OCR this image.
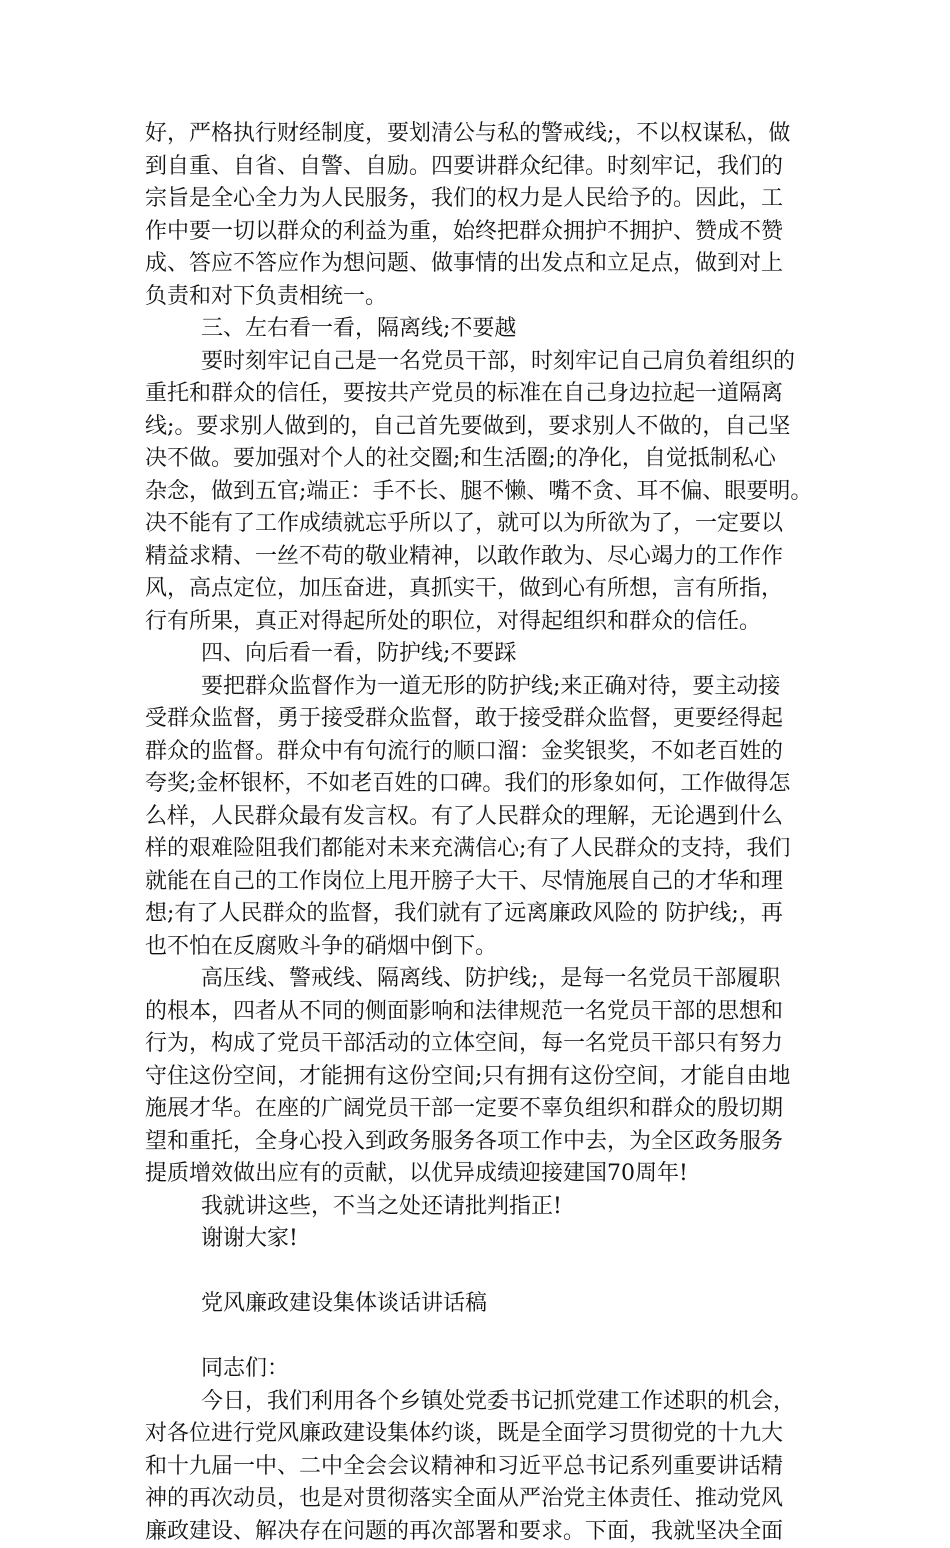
好，严格执行财经制度，要划清公与私的警戒线;，不以权谋私，做
到自重、自省、自警、自励。四要讲群众纪律。时刻牢记，我们的
宗旨是全心全力为人民服务，我们的权力是人民给予的。因此，工
作中要一切以群众的利益为重，始终把群众拥护不拥护、赞成不赞
成、答应不答应作为想问题、做事情的出发点和立足点，做到对上
负责和对下负责相统一。
三、左右看一看，隔离线;不要越
要时刻牢记自己是一名党员干部，时刻牢记自己肩负着组织的
重托和群众的信任，要按共产党员的标准在自己身边拉起一道隔离
线;。要求别人做到的，自己首先要做到，要求别人不做的，自己坚
决不做。要加强对个人的社交圈;和生活圈;的净化，自觉抵制私心
杂念，做到五官;端正：手不长、腿不懒、嘴不贪、耳不偏、眼要明。
决不能有了工作成绩就忘乎所以了，就可以为所欲为了，一定要以
精益求精、一丝不苟的敬业精神，以敢作敢为、尽心竭力的工作作
风，高点定位，加压奋进，真抓实干，做到心有所想，言有所指，
行有所果，真正对得起所处的职位，对得起组织和群众的信任。
四、向后看一看，防护线;不要踩
要把群众监督作为一道无形的防护线;来正确对待，要主动接
受群众监督，勇于接受群众监督，敢于接受群众监督，更要经得起
群众的监督。群众中有句流行的顺口溜：金奖银奖，不如老百姓的
夸奖;金杯银杯，不如老百姓的口碑。我们的形象如何，工作做得怎
么样，人民群众最有发言权。有了人民群众的理解，无论遇到什么
样的艰难险阻我们都能对未来充满信心;有了人民群众的支持，我们
就能在自己的工作岗位上甩开膀子大干、尽情施展自己的才华和理
想;有了人民群众的监督，我们就有了远离廉政风险的 防护线;，再
也不怕在反腐败斗争的硝烟中倒下。
高压线、警戒线、隔离线、防护线;，是每一名党员干部履职
的根本，四者从不同的侧面影响和法律规范一名党员干部的思想和
行为，构成了党员干部活动的立体空间，每一名党员干部只有努力
守住这份空间，才能拥有这份空间;只有拥有这份空间，才能自由地
施展才华。在座的广阔党员干部一定要不辜负组织和群众的殷切期
望和重托，全身心投入到政务服务各项工作中去，为全区政务服务
提质增效做出应有的贡献，以优异成绩迎接建国70周年!
我就讲这些，不当之处还请批判指正!
谢谢大家!
党风廉政建设集体谈话讲话稿
同志们：
今日，我们利用各个乡镇处党委书记抓党建工作述职的机会，
对各位进行党风廉政建设集体约谈，既是全面学习贯彻党的十九大
和十九届一中、二中全会会议精神和习近平总书记系列重要讲话精
神的再次动员，也是对贯彻落实全面从严治党主体责任、推动党风
廉政建设、解决存在问题的再次部署和要求。下面，我就坚决全面
